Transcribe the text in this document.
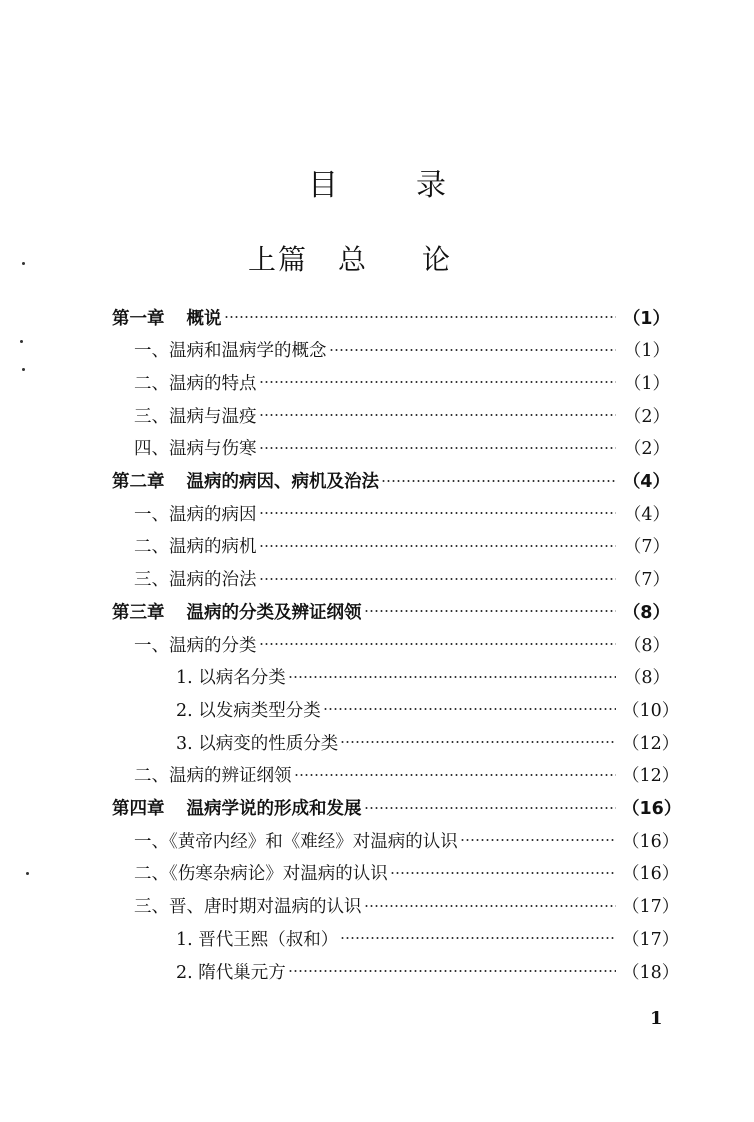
目录
上篇 总论
第一章 概说	（1）
一、温病和温病学的概念	（1）
二、温病的特点	（1）
三、温病与温疫	（2）
四、温病与伤寒	（2）
第二章 温病的病因、病机及治法	（4）
一、温病的病因	（4）
二、温病的病机	（7）
三、温病的治法	（7）
第三章 温病的分类及辨证纲领	（8）
一、温病的分类	（8）
1. 以病名分类	（8）
2. 以发病类型分类	（10）
3. 以病变的性质分类	（12）
二、温病的辨证纲领	（12）
第四章 温病学说的形成和发展	（16）
一、《黄帝内经》和《难经》对温病的认识	（16）
二、《伤寒杂病论》对温病的认识	（16）
三、晋、唐时期对温病的认识	（17）
1. 晋代王熙（叔和）	（17）
2. 隋代巢元方	（18）
1
